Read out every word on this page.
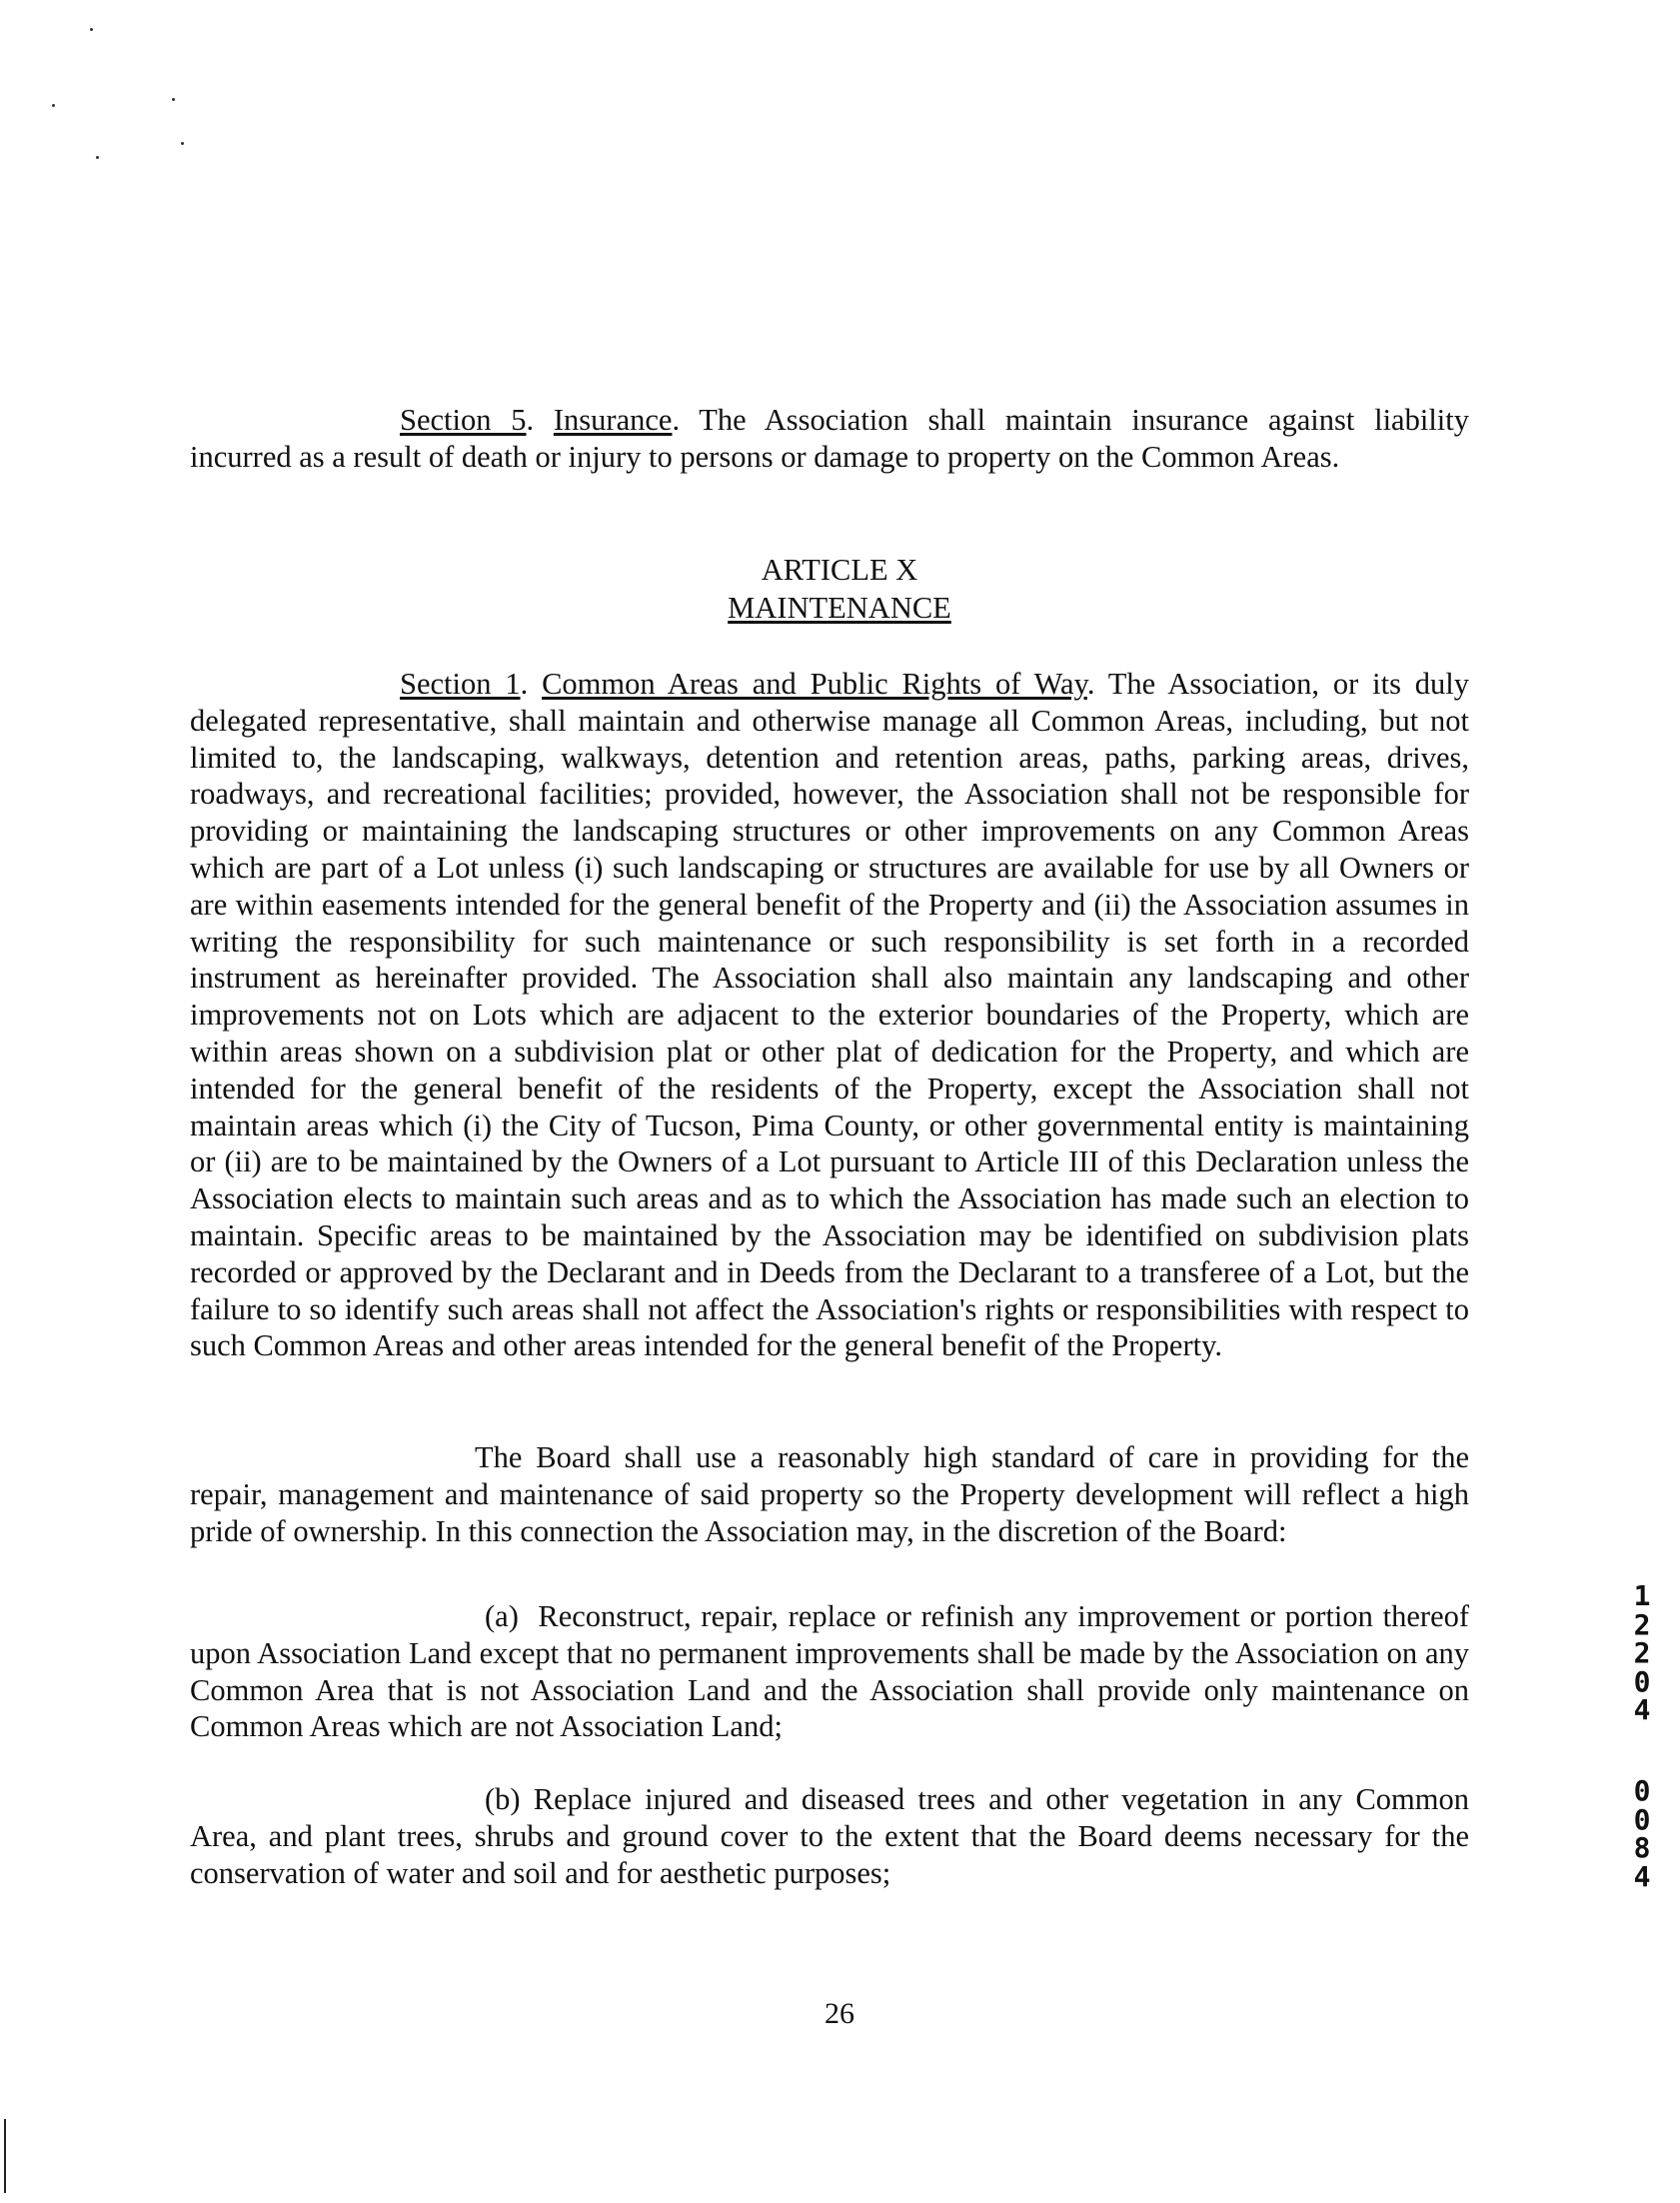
Section 5. Insurance. The Association shall maintain insurance against liability incurred as a result of death or injury to persons or damage to property on the Common Areas.
ARTICLE X
MAINTENANCE
Section 1. Common Areas and Public Rights of Way. The Association, or its duly delegated representative, shall maintain and otherwise manage all Common Areas, including, but not limited to, the landscaping, walkways, detention and retention areas, paths, parking areas, drives, roadways, and recreational facilities; provided, however, the Association shall not be responsible for providing or maintaining the landscaping structures or other improvements on any Common Areas which are part of a Lot unless (i) such landscaping or structures are available for use by all Owners or are within easements intended for the general benefit of the Property and (ii) the Association assumes in writing the responsibility for such maintenance or such responsibility is set forth in a recorded instrument as hereinafter provided. The Association shall also maintain any landscaping and other improvements not on Lots which are adjacent to the exterior boundaries of the Property, which are within areas shown on a subdivision plat or other plat of dedication for the Property, and which are intended for the general benefit of the residents of the Property, except the Association shall not maintain areas which (i) the City of Tucson, Pima County, or other governmental entity is maintaining or (ii) are to be maintained by the Owners of a Lot pursuant to Article III of this Declaration unless the Association elects to maintain such areas and as to which the Association has made such an election to maintain. Specific areas to be maintained by the Association may be identified on subdivision plats recorded or approved by the Declarant and in Deeds from the Declarant to a transferee of a Lot, but the failure to so identify such areas shall not affect the Association's rights or responsibilities with respect to such Common Areas and other areas intended for the general benefit of the Property.
The Board shall use a reasonably high standard of care in providing for the repair, management and maintenance of said property so the Property development will reflect a high pride of ownership. In this connection the Association may, in the discretion of the Board:
(a) Reconstruct, repair, replace or refinish any improvement or portion thereof upon Association Land except that no permanent improvements shall be made by the Association on any Common Area that is not Association Land and the Association shall provide only maintenance on Common Areas which are not Association Land;
(b) Replace injured and diseased trees and other vegetation in any Common Area, and plant trees, shrubs and ground cover to the extent that the Board deems necessary for the conservation of water and soil and for aesthetic purposes;
26
1
2
2
0
4
0
0
8
4
